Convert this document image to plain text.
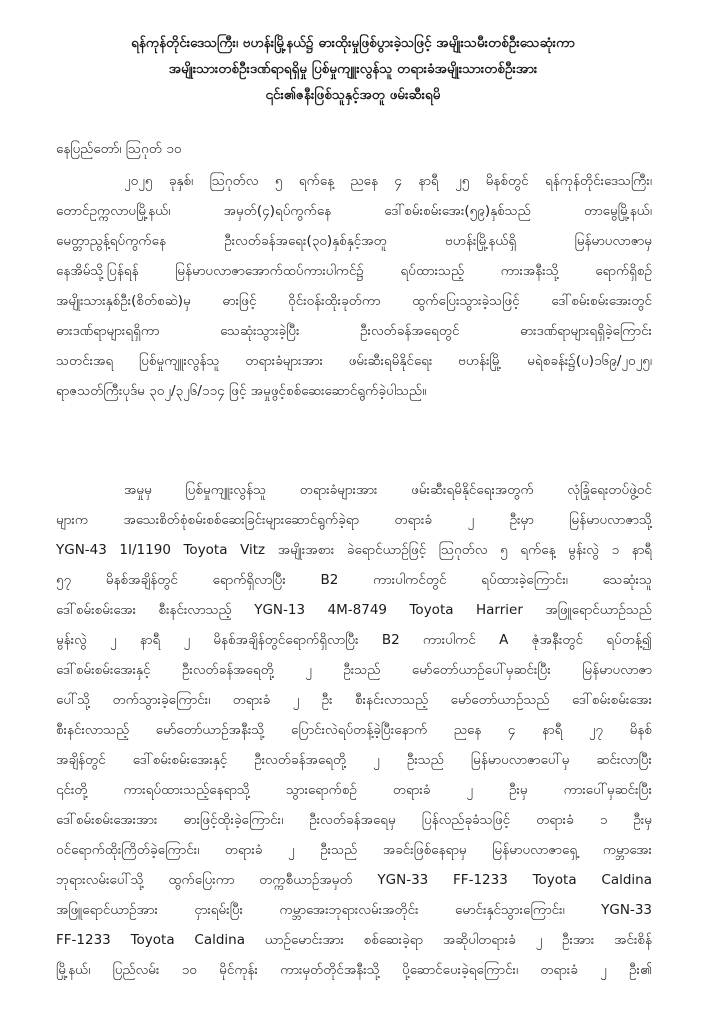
ရန်ကုန်တိုင်းဒေသကြီး၊ ဗဟန်းမြို့နယ်၌ ဓားထိုးမှုဖြစ်ပွားခဲ့သဖြင့် အမျိုးသမီးတစ်ဦးသေဆုံးကာ
အမျိုးသားတစ်ဦးဒဏ်ရာရရှိမှု ပြစ်မှုကျူးလွန်သူ တရားခံအမျိုးသားတစ်ဦးအား
၎င်း၏ဇနီးဖြစ်သူနှင့်အတူ ဖမ်းဆီးရမိ
နေပြည်တော်၊ ဩဂုတ် ၁၀
၂၀၂၅ ခုနှစ်၊ ဩဂုတ်လ ၅ ရက်နေ့ ညနေ ၄ နာရီ ၂၅ မိနစ်တွင် ရန်ကုန်တိုင်းဒေသကြီး၊
တောင်ဥက္ကလာပမြို့နယ်၊ အမှတ်(၄)ရပ်ကွက်နေ ဒေါ်စမ်းစမ်းအေး(၅၉)နှစ်သည် တာမွေမြို့နယ်၊
မေတ္တာညွန့်ရပ်ကွက်နေ ဦးလတ်ခန်အရေး(၃၀)နှစ်နှင့်အတူ ဗဟန်းမြို့နယ်ရှိ မြန်မာပလာဇာမှ
နေအိမ်သို့ပြန်ရန် မြန်မာပလာဇာအောက်ထပ်ကားပါကင်၌ ရပ်ထားသည့် ကားအနီးသို့ ရောက်ရှိစဉ်
အမျိုးသားနှစ်ဦး(စိတ်စဆဲ)မှ ဓားဖြင့် ဝိုင်းဝန်းထိုးခုတ်ကာ ထွက်ပြေးသွားခဲ့သဖြင့် ဒေါ်စမ်းစမ်းအေးတွင်
ဓားဒဏ်ရာများရရှိကာ သေဆုံးသွားခဲ့ပြီး ဦးလတ်ခန်အရေတွင် ဓားဒဏ်ရာများရရှိခဲ့ကြောင်း
သတင်းအရ ပြစ်မှုကျူးလွန်သူ တရားခံများအား ဖမ်းဆီးရမိနိုင်ရေး ဗဟန်းမြို့ မရဲစခန်း၌(ပ)၁၆၉/၂၀၂၅၊
ရာဇသတ်ကြီးပုဒ်မ ၃၀၂/၃၂၆/၁၁၄ ဖြင့် အမှုဖွင့်စစ်ဆေးဆောင်ရွက်ခဲ့ပါသည်။
အမှုမှ ပြစ်မှုကျူးလွန်သူ တရားခံများအား ဖမ်းဆီးရမိနိုင်ရေးအတွက် လုံခြုံရေးတပ်ဖွဲ့ဝင်
များက အသေးစိတ်စုံစမ်းစစ်ဆေးခြင်းများဆောင်ရွက်ခဲ့ရာ တရားခံ ၂ ဦးမှာ မြန်မာပလာဇာသို့
YGN-43 1I/1190 Toyota Vitz အမျိုးအစား ခဲရောင်ယာဉ်ဖြင့် ဩဂုတ်လ ၅ ရက်နေ့ မွန်းလွဲ ၁ နာရီ
၅၇ မိနစ်အချိန်တွင် ရောက်ရှိလာပြီး B2 ကားပါကင်တွင် ရပ်ထားခဲ့ကြောင်း၊ သေဆုံးသူ
ဒေါ်စမ်းစမ်းအေး စီးနင်းလာသည့် YGN-13 4M-8749 Toyota Harrier အဖြူရောင်ယာဉ်သည်
မွန်းလွဲ ၂ နာရီ ၂ မိနစ်အချိန်တွင်ရောက်ရှိလာပြီး B2 ကားပါကင် A ဇုံအနီးတွင် ရပ်တန့်၍
ဒေါ်စမ်းစမ်းအေးနှင့် ဦးလတ်ခန်အရေတို့ ၂ ဦးသည် မော်တော်ယာဉ်ပေါ်မှဆင်းပြီး မြန်မာပလာဇာ
ပေါ်သို့ တက်သွားခဲ့ကြောင်း၊ တရားခံ ၂ ဦး စီးနင်းလာသည့် မော်တော်ယာဉ်သည် ဒေါ်စမ်းစမ်းအေး
စီးနင်းလာသည့် မော်တော်ယာဉ်အနီးသို့ ပြောင်းလဲရပ်တန့်ခဲ့ပြီးနောက် ညနေ ၄ နာရီ ၂၇ မိနစ်
အချိန်တွင် ဒေါ်စမ်းစမ်းအေးနှင့် ဦးလတ်ခန်အရေတို့ ၂ ဦးသည် မြန်မာပလာဇာပေါ်မှ ဆင်းလာပြီး
၎င်းတို့ ကားရပ်ထားသည့်နေရာသို့ သွားရောက်စဉ် တရားခံ ၂ ဦးမှ ကားပေါ်မှဆင်းပြီး
ဒေါ်စမ်းစမ်းအေးအား ဓားဖြင့်ထိုးခဲ့ကြောင်း၊ ဦးလတ်ခန်အရေမှ ပြန်လည်ခုခံသဖြင့် တရားခံ ၁ ဦးမှ
ဝင်ရောက်ထိုးကြိတ်ခဲ့ကြောင်း၊ တရားခံ ၂ ဦးသည် အခင်းဖြစ်နေရာမှ မြန်မာပလာဇာရှေ့ ကမ္ဘာအေး
ဘုရားလမ်းပေါ်သို့ ထွက်ပြေးကာ တက္ကစီယာဉ်အမှတ် YGN-33 FF-1233 Toyota Caldina
အဖြူရောင်ယာဉ်အား ငှားရမ်းပြီး ကမ္ဘာအေးဘုရားလမ်းအတိုင်း မောင်းနှင်သွားကြောင်း၊ YGN-33
FF-1233 Toyota Caldina ယာဉ်မောင်းအား စစ်ဆေးခဲ့ရာ အဆိုပါတရားခံ ၂ ဦးအား အင်းစိန်
မြို့နယ်၊ ပြည်လမ်း ၁၀ မိုင်ကုန်း ကားမှတ်တိုင်အနီးသို့ ပို့ဆောင်ပေးခဲ့ရကြောင်း၊ တရားခံ ၂ ဦး၏
